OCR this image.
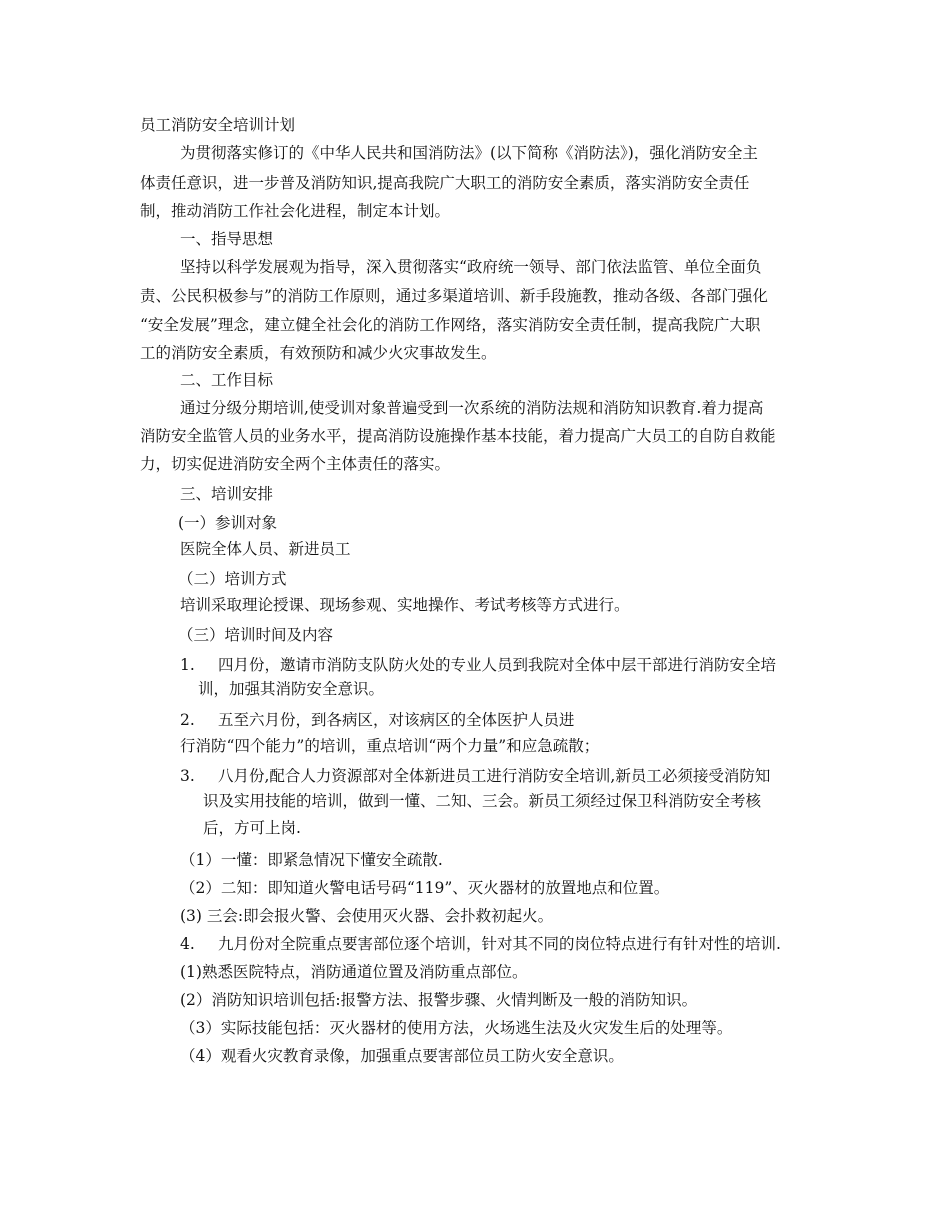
员工消防安全培训计划
为贯彻落实修订的《中华人民共和国消防法》(以下简称《消防法》)，强化消防安全主
体责任意识，进一步普及消防知识,提高我院广大职工的消防安全素质，落实消防安全责任
制，推动消防工作社会化进程，制定本计划。
一、指导思想
坚持以科学发展观为指导，深入贯彻落实“政府统一领导、部门依法监管、单位全面负
责、公民积极参与”的消防工作原则，通过多渠道培训、新手段施教，推动各级、各部门强化
“安全发展”理念，建立健全社会化的消防工作网络，落实消防安全责任制，提高我院广大职
工的消防安全素质，有效预防和减少火灾事故发生。
二、工作目标
通过分级分期培训,使受训对象普遍受到一次系统的消防法规和消防知识教育.着力提高
消防安全监管人员的业务水平，提高消防设施操作基本技能，着力提高广大员工的自防自救能
力，切实促进消防安全两个主体责任的落实。
三、培训安排
(一）参训对象
医院全体人员、新进员工
（二）培训方式
培训采取理论授课、现场参观、实地操作、考试考核等方式进行。
（三）培训时间及内容
1. 四月份，邀请市消防支队防火处的专业人员到我院对全体中层干部进行消防安全培
训，加强其消防安全意识。
2. 五至六月份，到各病区，对该病区的全体医护人员进
行消防“四个能力”的培训，重点培训“两个力量”和应急疏散；
3. 八月份,配合人力资源部对全体新进员工进行消防安全培训,新员工必须接受消防知
识及实用技能的培训，做到一懂、二知、三会。新员工须经过保卫科消防安全考核
后，方可上岗.
（1）一懂：即紧急情况下懂安全疏散.
（2）二知：即知道火警电话号码“119”、灭火器材的放置地点和位置。
(3) 三会:即会报火警、会使用灭火器、会扑救初起火。
4. 九月份对全院重点要害部位逐个培训，针对其不同的岗位特点进行有针对性的培训.
(1)熟悉医院特点，消防通道位置及消防重点部位。
(2）消防知识培训包括:报警方法、报警步骤、火情判断及一般的消防知识。
（3）实际技能包括：灭火器材的使用方法，火场逃生法及火灾发生后的处理等。
（4）观看火灾教育录像，加强重点要害部位员工防火安全意识。
